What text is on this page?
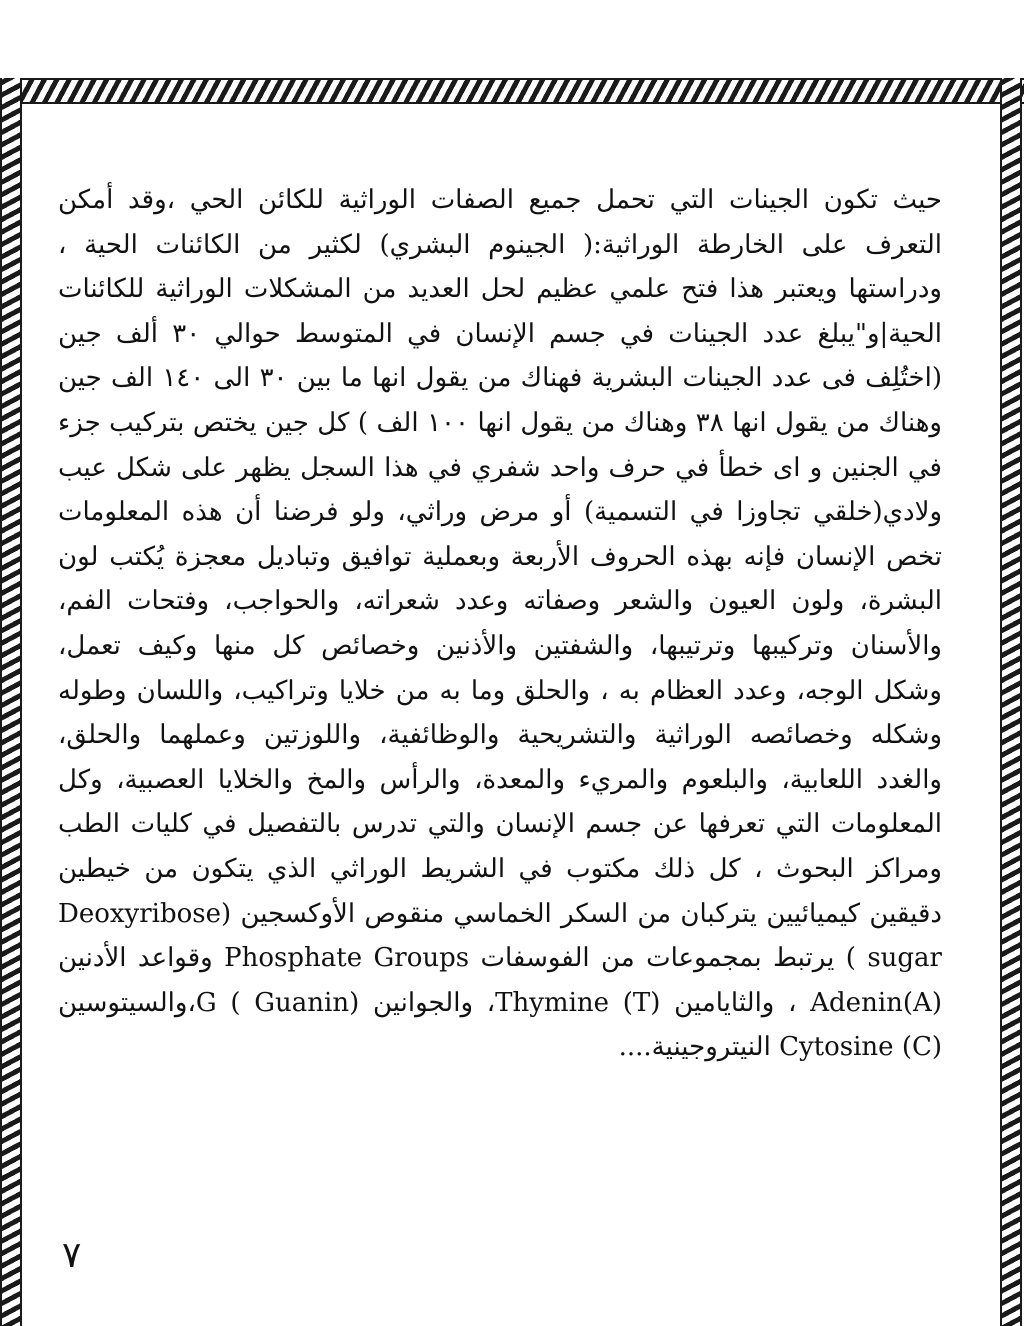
حيث تكون الجينات التي تحمل جميع الصفات الوراثية للكائن الحي ،وقد أمكن التعرف على الخارطة الوراثية:( الجينوم البشري) لكثير من الكائنات الحية ، ودراستها ويعتبر هذا فتح علمي عظيم لحل العديد من المشكلات الوراثية للكائنات الحية|و"يبلغ عدد الجينات في جسم الإنسان في المتوسط حوالي ٣٠ ألف جين (اختُلِف فى عدد الجينات البشرية فهناك من يقول انها ما بين ٣٠ الى ١٤٠ الف جين وهناك من يقول انها ٣٨ وهناك من يقول انها ١٠٠ الف ) كل جين يختص بتركيب جزء في الجنين و اى خطأ في حرف واحد شفري في هذا السجل يظهر على شكل عيب ولادي(خلقي تجاوزا في التسمية) أو مرض وراثي، ولو فرضنا أن هذه المعلومات تخص الإنسان فإنه بهذه الحروف الأربعة وبعملية توافيق وتباديل معجزة يُكتب لون البشرة، ولون العيون والشعر وصفاته وعدد شعراته، والحواجب، وفتحات الفم، والأسنان وتركيبها وترتيبها، والشفتين والأذنين وخصائص كل منها وكيف تعمل، وشكل الوجه، وعدد العظام به ، والحلق وما به من خلايا وتراكيب، واللسان وطوله وشكله وخصائصه الوراثية والتشريحية والوظائفية، واللوزتين وعملهما والحلق، والغدد اللعابية، والبلعوم والمريء والمعدة، والرأس والمخ والخلايا العصبية، وكل المعلومات التي تعرفها عن جسم الإنسان والتي تدرس بالتفصيل في كليات الطب ومراكز البحوث ، كل ذلك مكتوب في الشريط الوراثي الذي يتكون من خيطين دقيقين كيميائيين يتركبان من السكر الخماسي منقوص الأوكسجين (Deoxyribose sugar ) يرتبط بمجموعات من الفوسفات Phosphate Groups وقواعد الأدنين (A)Adenin ، والثايامين Thymine (T)، والجوانين G ( Guanin)،والسيتوسين Cytosine (C) النيتروجينية....

٧
